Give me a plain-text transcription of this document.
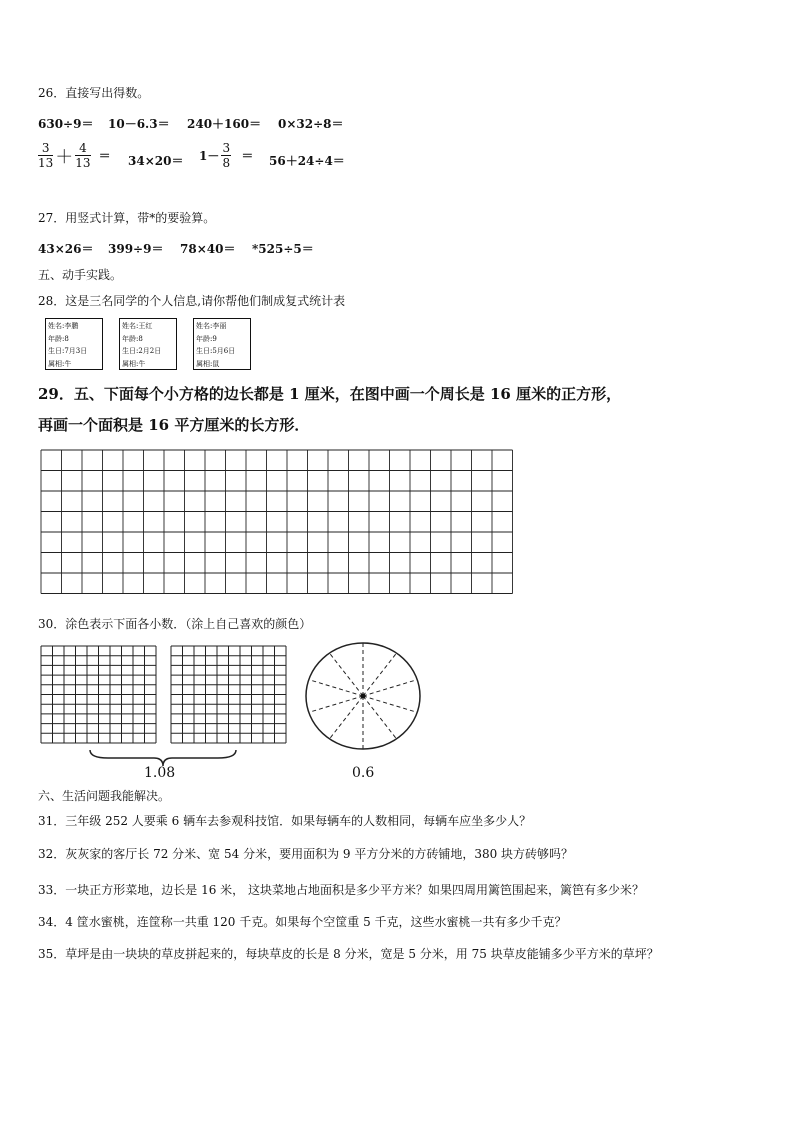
26．直接写出得数。
630÷9＝ 10－6.3＝ 240＋160＝ 0×32÷8＝
$\frac{3}{13} + \frac{4}{13} = 34\times 20= 1- \frac{3}{8} = 56+24\div 4=$
27．用竖式计算，带*的要验算。
43×26＝ 399÷9＝ 78×40＝ *525÷5＝
五、动手实践。
28．这是三名同学的个人信息,请你帮他们制成复式统计表
姓名:李鹏
年龄:8
生日:7月3日
属相:牛
姓名:王红
年龄:8
生日:2月2日
属相:牛
姓名:李丽
年龄:9
生日:5月6日
属相:鼠
29．五、下面每个小方格的边长都是 1 厘米，在图中画一个周长是 16 厘米的正方形，
再画一个面积是 16 平方厘米的长方形．
30．涂色表示下面各小数．（涂上自己喜欢的颜色）
1.08	0.6
六、生活问题我能解决。
31．三年级 252 人要乘 6 辆车去参观科技馆．如果每辆车的人数相同，每辆车应坐多少人？
32．灰灰家的客厅长 72 分米、宽 54 分米，要用面积为 9 平方分米的方砖铺地，380 块方砖够吗？
33．一块正方形菜地，边长是 16 米， 这块菜地占地面积是多少平方米？如果四周用篱笆围起来，篱笆有多少米？
34．4 筐水蜜桃，连筐称一共重 120 千克。如果每个空筐重 5 千克，这些水蜜桃一共有多少千克？
35．草坪是由一块块的草皮拼起来的，每块草皮的长是 8 分米，宽是 5 分米，用 75 块草皮能铺多少平方米的草坪？
